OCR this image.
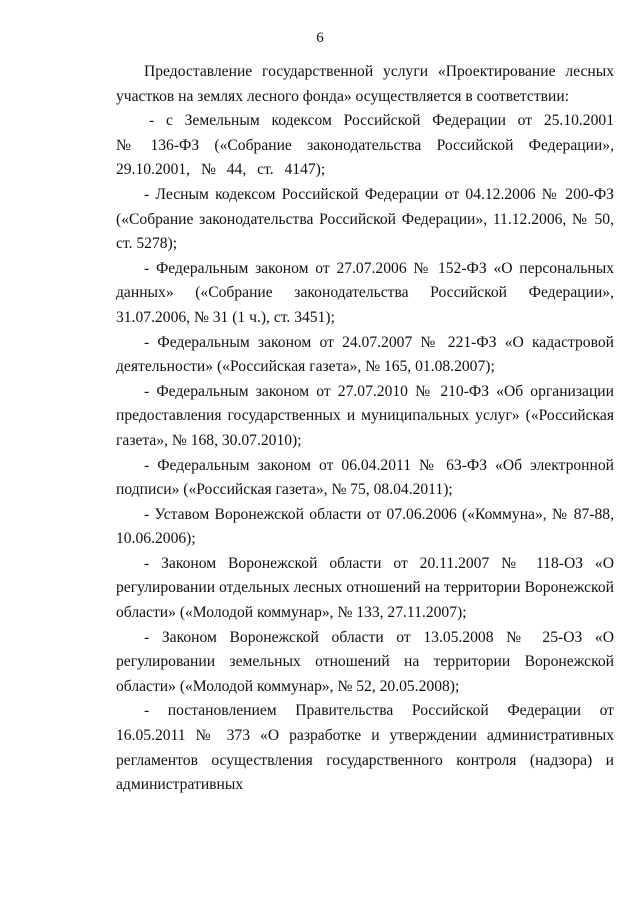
6

Предоставление государственной услуги «Проектирование лесных участков на землях лесного фонда» осуществляется в соответствии:

- с Земельным кодексом Российской Федерации от 25.10.2001 № 136-ФЗ («Собрание законодательства Российской Федерации», 29.10.2001, № 44, ст. 4147);

- Лесным кодексом Российской Федерации от 04.12.2006 № 200-ФЗ («Собрание законодательства Российской Федерации», 11.12.2006, № 50, ст. 5278);

- Федеральным законом от 27.07.2006 № 152-ФЗ «О персональных данных» («Собрание законодательства Российской Федерации», 31.07.2006, № 31 (1 ч.), ст. 3451);

- Федеральным законом от 24.07.2007 № 221-ФЗ «О кадастровой деятельности» («Российская газета», № 165, 01.08.2007);

- Федеральным законом от 27.07.2010 № 210-ФЗ «Об организации предоставления государственных и муниципальных услуг» («Российская газета», № 168, 30.07.2010);

- Федеральным законом от 06.04.2011 № 63-ФЗ «Об электронной подписи» («Российская газета», № 75, 08.04.2011);

- Уставом Воронежской области от 07.06.2006 («Коммуна», № 87-88, 10.06.2006);

- Законом Воронежской области от 20.11.2007 № 118-ОЗ «О регулировании отдельных лесных отношений на территории Воронежской области» («Молодой коммунар», № 133, 27.11.2007);

- Законом Воронежской области от 13.05.2008 № 25-ОЗ «О регулировании земельных отношений на территории Воронежской области» («Молодой коммунар», № 52, 20.05.2008);

- постановлением Правительства Российской Федерации от 16.05.2011 № 373 «О разработке и утверждении административных регламентов осуществления государственного контроля (надзора) и административных
